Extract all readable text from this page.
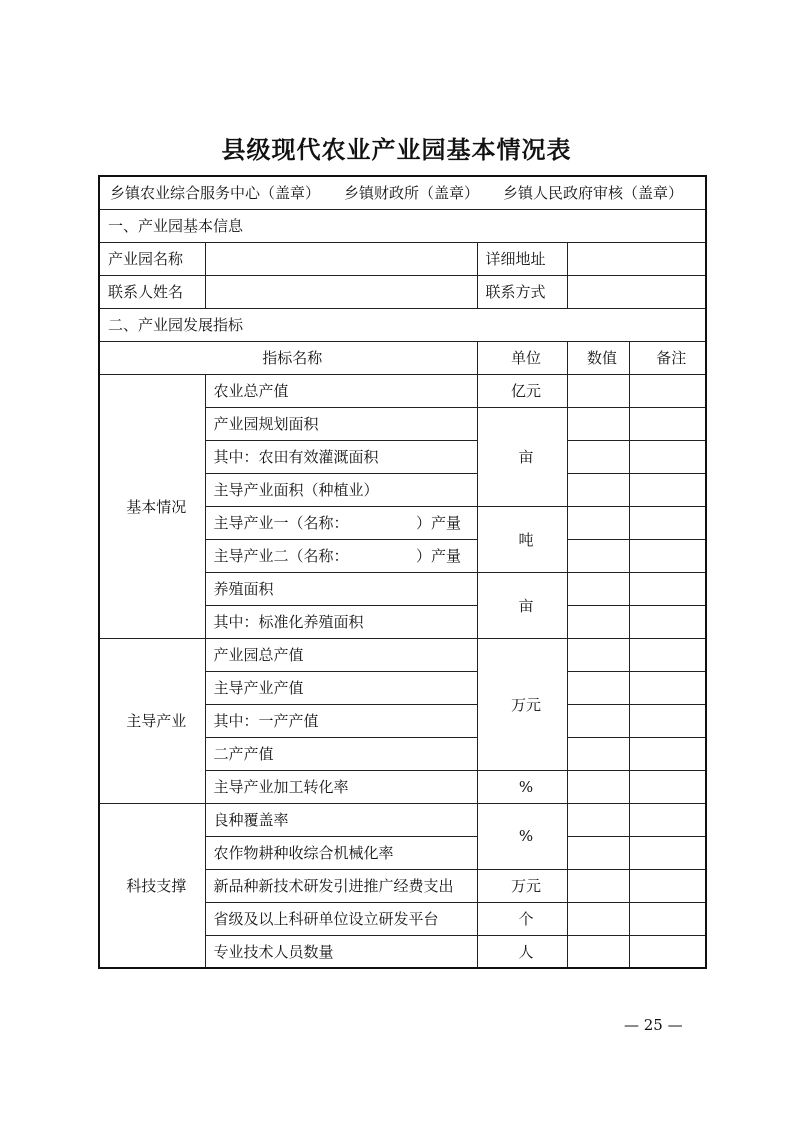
县级现代农业产业园基本情况表
乡镇农业综合服务中心（盖章） 乡镇财政所（盖章） 乡镇人民政府审核（盖章）				

一、产业园基本信息				
产业园名称		详细地址		
联系人姓名		联系方式		
二、产业园发展指标				
指标名称		单位	数值	备注
基本情况	农业总产值	亿元		
	产业园规划面积	亩		
	其中：农田有效灌溉面积			
	主导产业面积（种植业）			
	主导产业一（名称：　　　　　）产量	吨		
	主导产业二（名称：　　　　　）产量			
	养殖面积	亩		
	其中：标准化养殖面积			
主导产业	产业园总产值	万元		
	主导产业产值			
	其中：一产产值			
	二产产值			
	主导产业加工转化率	%		
科技支撑	良种覆盖率	%		
	农作物耕种收综合机械化率			
	新品种新技术研发引进推广经费支出	万元		
	省级及以上科研单位设立研发平台	个		
	专业技术人员数量	人		
— 25 —
